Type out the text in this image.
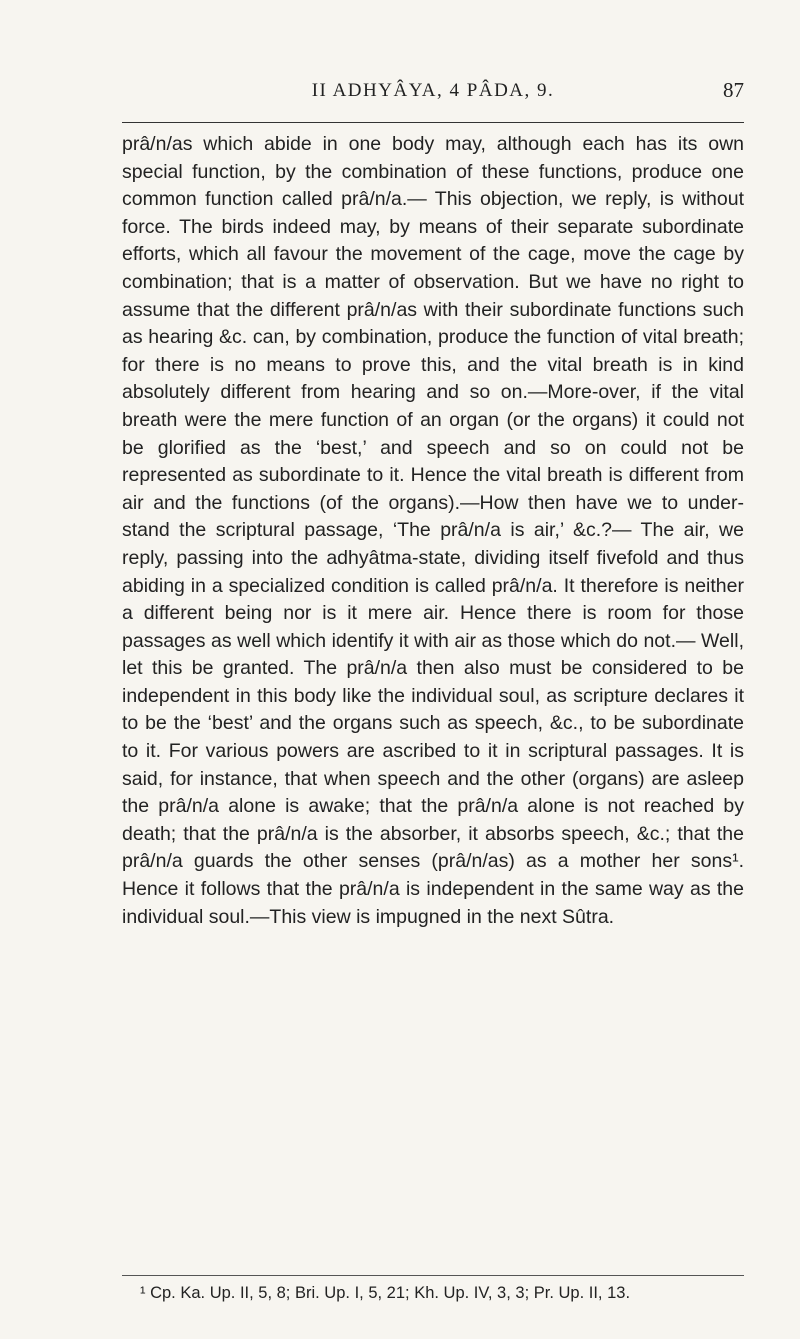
II ADHYÂYA, 4 PÂDA, 9.	87

prâ/n/as which abide in one body may, although each has its own special function, by the combination of these functions, produce one common function called prâ/n/a.— This objection, we reply, is without force. The birds indeed may, by means of their separate subordinate efforts, which all favour the movement of the cage, move the cage by combination; that is a matter of observation. But we have no right to assume that the different prâ/n/as with their subordinate functions such as hearing &c. can, by combination, produce the function of vital breath; for there is no means to prove this, and the vital breath is in kind absolutely different from hearing and so on.—More-over, if the vital breath were the mere function of an organ (or the organs) it could not be glorified as the ‘best,’ and speech and so on could not be represented as subordinate to it. Hence the vital breath is different from air and the functions (of the organs).—How then have we to under-stand the scriptural passage, ‘The prâ/n/a is air,’ &c.?— The air, we reply, passing into the adhyâtma-state, dividing itself fivefold and thus abiding in a specialized condition is called prâ/n/a. It therefore is neither a different being nor is it mere air. Hence there is room for those passages as well which identify it with air as those which do not.— Well, let this be granted. The prâ/n/a then also must be considered to be independent in this body like the individual soul, as scripture declares it to be the ‘best’ and the organs such as speech, &c., to be subordinate to it. For various powers are ascribed to it in scriptural passages. It is said, for instance, that when speech and the other (organs) are asleep the prâ/n/a alone is awake; that the prâ/n/a alone is not reached by death; that the prâ/n/a is the absorber, it absorbs speech, &c.; that the prâ/n/a guards the other senses (prâ/n/as) as a mother her sons¹. Hence it follows that the prâ/n/a is independent in the same way as the individual soul.—This view is impugned in the next Sûtra.

¹ Cp. Ka. Up. II, 5, 8; Bri. Up. I, 5, 21; Kh. Up. IV, 3, 3; Pr. Up. II, 13.
